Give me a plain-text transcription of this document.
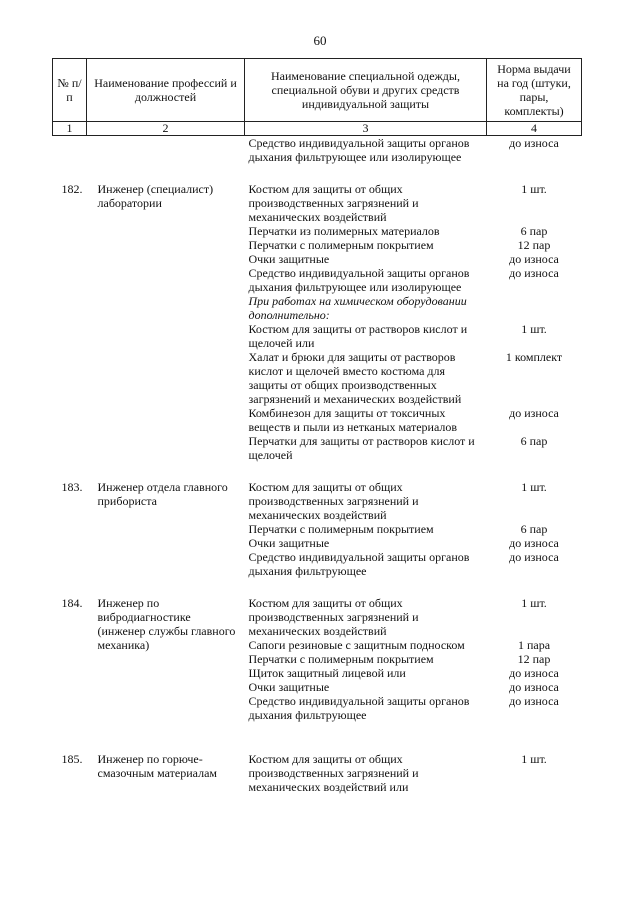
60
№ п/п	Наименование профессий и должностей	Наименование специальной одежды, специальной обуви и других средств индивидуальной защиты	Норма выдачи на год (штуки, пары, комплекты)
1	2	3	4
		Средство индивидуальной защиты органов дыхания фильтрующее или изолирующее	до износа

182.	Инженер (специалист) лаборатории	Костюм для защиты от общих производственных загрязнений и механических воздействий	1 шт.
		Перчатки из полимерных материалов	6 пар
		Перчатки с полимерным покрытием	12 пар
		Очки защитные	до износа
		Средство индивидуальной защиты органов дыхания фильтрующее или изолирующее	до износа
		При работах на химическом оборудовании дополнительно:	
		Костюм для защиты от растворов кислот и щелочей или	1 шт.
		Халат и брюки для защиты от растворов кислот и щелочей вместо костюма для защиты от общих производственных загрязнений и механических воздействий	1 комплект
		Комбинезон для защиты от токсичных веществ и пыли из нетканых материалов	до износа
		Перчатки для защиты от растворов кислот и щелочей	6 пар

183.	Инженер отдела главного прибориста	Костюм для защиты от общих производственных загрязнений и механических воздействий	1 шт.
		Перчатки с полимерным покрытием	6 пар
		Очки защитные	до износа
		Средство индивидуальной защиты органов дыхания фильтрующее	до износа

184.	Инженер по вибродиагностике (инженер службы главного механика)	Костюм для защиты от общих производственных загрязнений и механических воздействий	1 шт.
		Сапоги резиновые с защитным подноском	1 пара
		Перчатки с полимерным покрытием	12 пар
		Щиток защитный лицевой или	до износа
		Очки защитные	до износа
		Средство индивидуальной защиты органов дыхания фильтрующее	до износа

185.	Инженер по горюче-смазочным материалам	Костюм для защиты от общих производственных загрязнений и механических воздействий или	1 шт.
